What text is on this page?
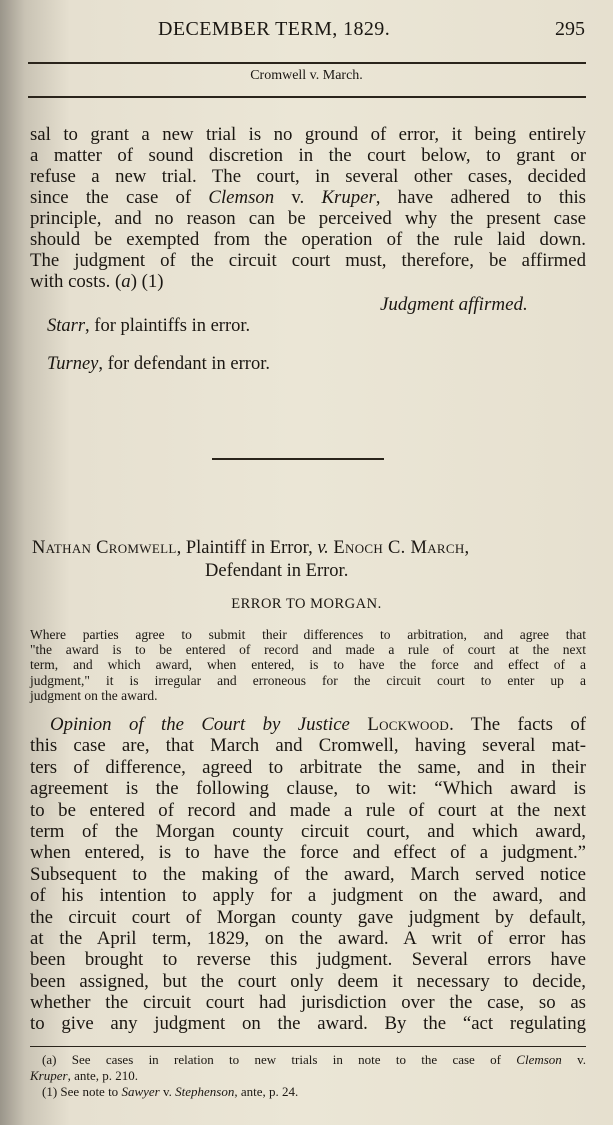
DECEMBER TERM, 1829.	295
Cromwell v. March.
sal to grant a new trial is no ground of error, it being entirely
a matter of sound discretion in the court below, to grant or
refuse a new trial. The court, in several other cases, decided
since the case of Clemson v. Kruper, have adhered to this
principle, and no reason can be perceived why the present case
should be exempted from the operation of the rule laid down.
The judgment of the circuit court must, therefore, be affirmed
with costs. (a) (1)
Judgment affirmed.
Starr, for plaintiffs in error.
Turney, for defendant in error.
Nathan Cromwell, Plaintiff in Error, v. Enoch C. March,
Defendant in Error.
ERROR TO MORGAN.
Where parties agree to submit their differences to arbitration, and agree that
"the award is to be entered of record and made a rule of court at the next
term, and which award, when entered, is to have the force and effect of a
judgment," it is irregular and erroneous for the circuit court to enter up a
judgment on the award.
Opinion of the Court by Justice Lockwood. The facts of
this case are, that March and Cromwell, having several mat-
ters of difference, agreed to arbitrate the same, and in their
agreement is the following clause, to wit: “Which award is
to be entered of record and made a rule of court at the next
term of the Morgan county circuit court, and which award,
when entered, is to have the force and effect of a judgment.”
Subsequent to the making of the award, March served notice
of his intention to apply for a judgment on the award, and
the circuit court of Morgan county gave judgment by default,
at the April term, 1829, on the award. A writ of error has
been brought to reverse this judgment. Several errors have
been assigned, but the court only deem it necessary to decide,
whether the circuit court had jurisdiction over the case, so as
to give any judgment on the award. By the “act regulating
(a) See cases in relation to new trials in note to the case of Clemson v.
Kruper, ante, p. 210.
(1) See note to Sawyer v. Stephenson, ante, p. 24.
